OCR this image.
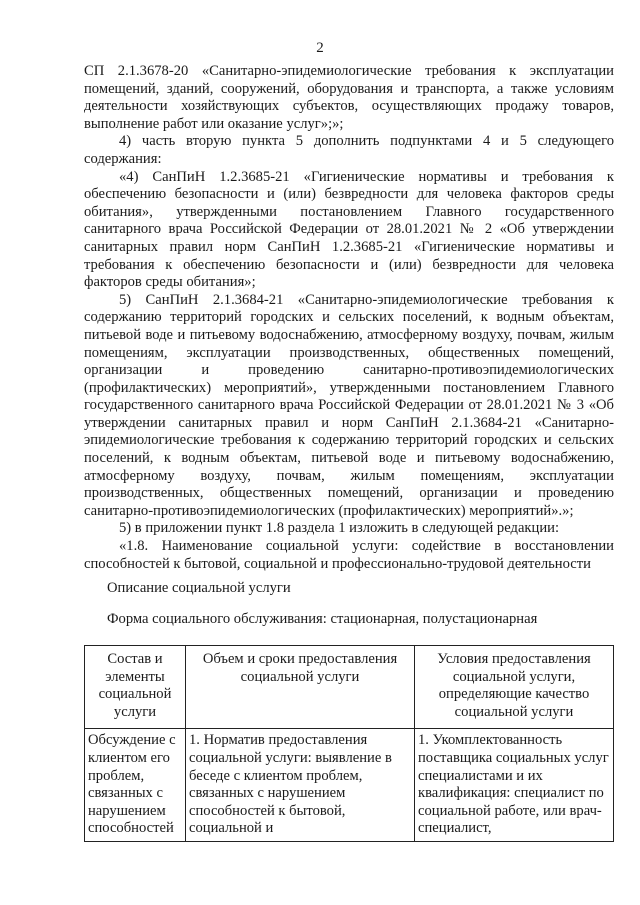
2

СП 2.1.3678-20 «Санитарно-эпидемиологические требования к эксплуатации помещений, зданий, сооружений, оборудования и транспорта, а также условиям деятельности хозяйствующих субъектов, осуществляющих продажу товаров, выполнение работ или оказание услуг»;»;

4) часть вторую пункта 5 дополнить подпунктами 4 и 5 следующего содержания:

«4) СанПиН 1.2.3685-21 «Гигиенические нормативы и требования к обеспечению безопасности и (или) безвредности для человека факторов среды обитания», утвержденными постановлением Главного государственного санитарного врача Российской Федерации от 28.01.2021 № 2 «Об утверждении санитарных правил норм СанПиН 1.2.3685-21 «Гигиенические нормативы и требования к обеспечению безопасности и (или) безвредности для человека факторов среды обитания»;

5) СанПиН 2.1.3684-21 «Санитарно-эпидемиологические требования к содержанию территорий городских и сельских поселений, к водным объектам, питьевой воде и питьевому водоснабжению, атмосферному воздуху, почвам, жилым помещениям, эксплуатации производственных, общественных помещений, организации и проведению санитарно-противоэпидемиологических (профилактических) мероприятий», утвержденными постановлением Главного государственного санитарного врача Российской Федерации от 28.01.2021 № 3 «Об утверждении санитарных правил и норм СанПиН 2.1.3684-21 «Санитарно-эпидемиологические требования к содержанию территорий городских и сельских поселений, к водным объектам, питьевой воде и питьевому водоснабжению, атмосферному воздуху, почвам, жилым помещениям, эксплуатации производственных, общественных помещений, организации и проведению санитарно-противоэпидемиологических (профилактических) мероприятий».»;

5) в приложении пункт 1.8 раздела 1 изложить в следующей редакции:

«1.8. Наименование социальной услуги: содействие в восстановлении способностей к бытовой, социальной и профессионально-трудовой деятельности

Описание социальной услуги
Форма социального обслуживания: стационарная, полустационарная
Состав и элементы социальной услуги	Объем и сроки предоставления социальной услуги	Условия предоставления социальной услуги, определяющие качество социальной услуги
Обсуждение с клиентом его проблем, связанных с нарушением способностей	1. Норматив предоставления социальной услуги: выявление в беседе с клиентом проблем, связанных с нарушением способностей к бытовой, социальной и	1. Укомплектованность поставщика социальных услуг специалистами и их квалификация: специалист по социальной работе, или врач-специалист,
